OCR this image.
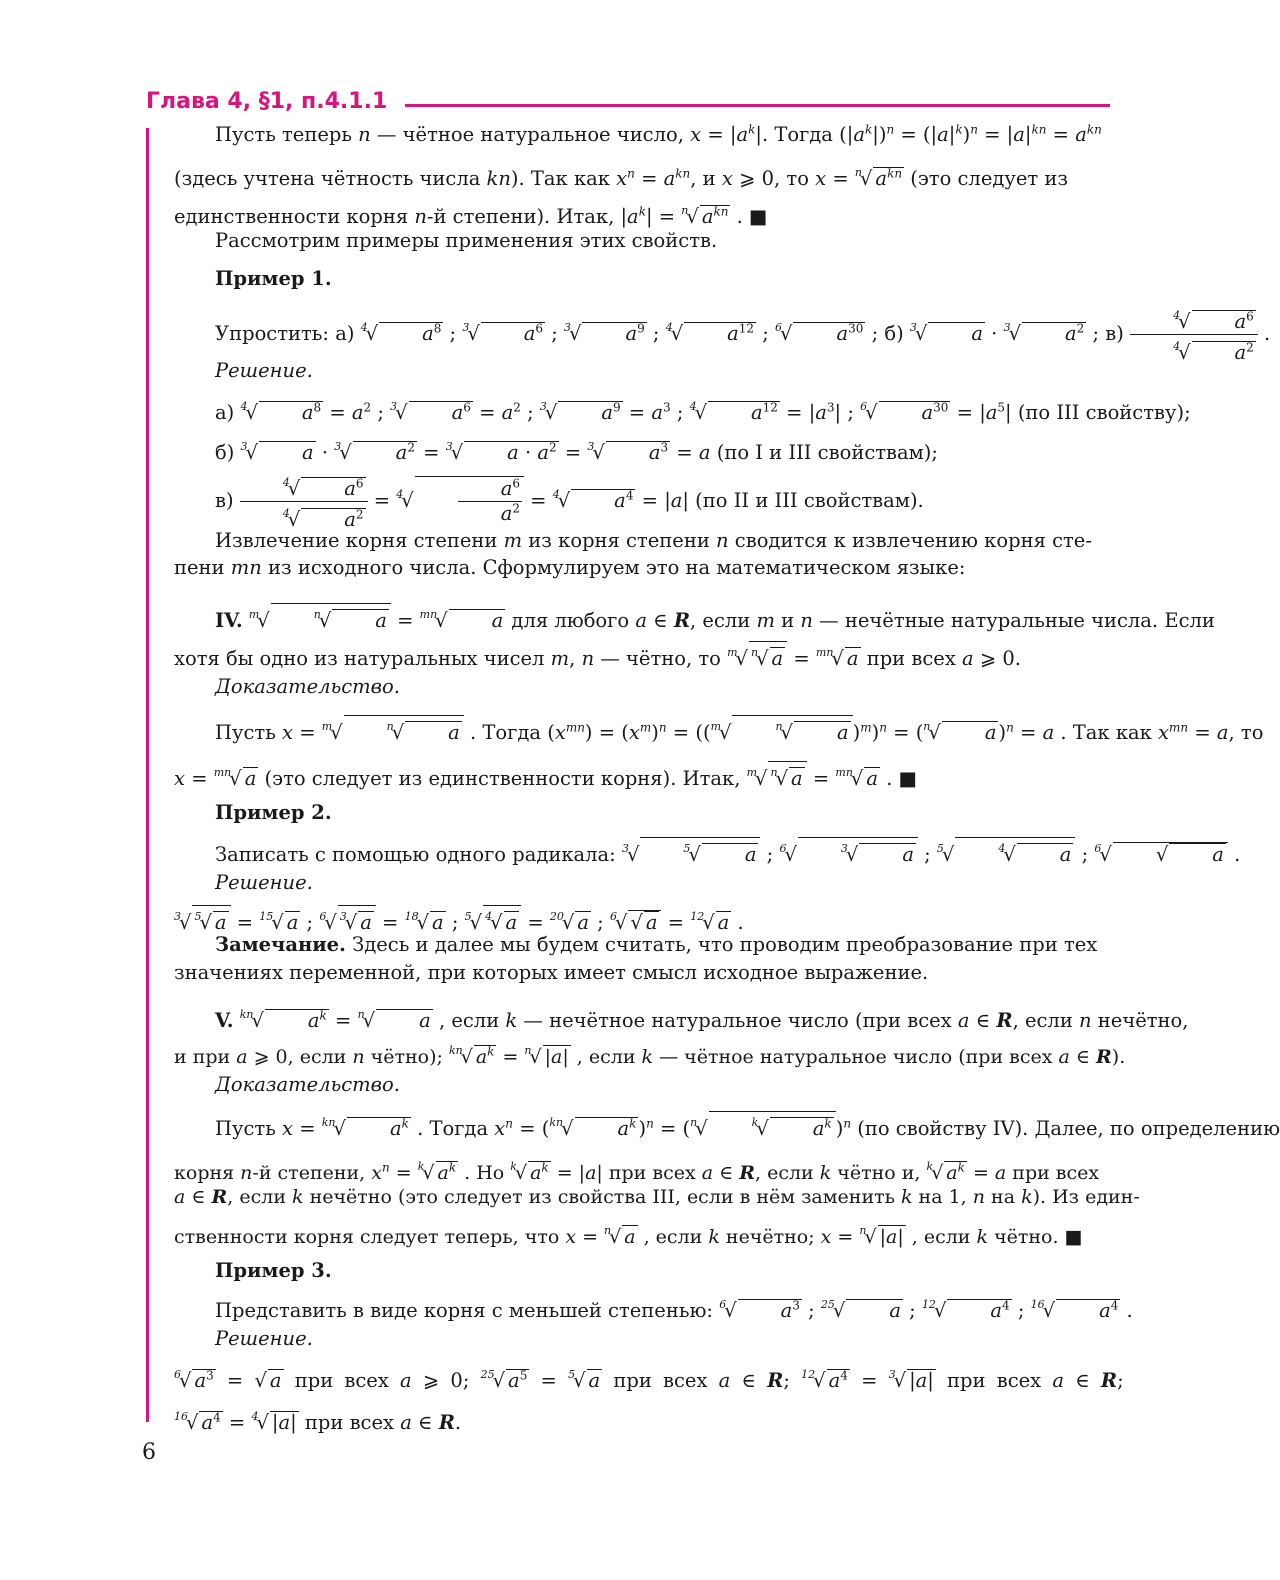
Глава 4, §1, п.4.1.1
Пусть теперь n — чётное натуральное число, $x = |a^k|$. Тогда $(|a^k|)^n = (|a|^k)^n = |a|^{kn} = a^{kn}$
(здесь учтена чётность числа kn). Так как $x^n = a^{kn}$, и x ⩾ 0, то x = $^n$√ $a^{kn}$ (это следует из
единственности корня n-й степени). Итак, $|a^k| = ^n√$ $a^{kn}$ . ■
Рассмотрим примеры применения этих свойств.
Пример 1.
Упростить: а) $^4$√ $a^8$ ; $^3$√ $a^6$ ; $^3$√ $a^9$ ; $^4$√ $a^{12}$ ; $^6$√ $a^{30}$ ; б) $^3$√ a · $^3$√ $a^2$ ; $в) \frac{^4√ a^6}{^4√ a^2}$ .
Решение.
а) $^4$√ $a^8 = a^2$ ; $^3$√ $a^6 = a^2$ ; $^3$√ $a^9 = a^3$ ; $^4$√ $a^{12} = |a^3|$ ; $^6$√ $a^{30} = |a^5|$ (по III свойству);
б) $^3$√ a · $^3$√ $a^2 = ^3√$ $a \cdot a^2 = ^3√$ $a^3 = a$ (по I и III свойствам);
$в) \frac{^4√ a^6}{^4√ a^2} = ^4√ \frac{a^6}{a^2} = ^4√$ $a^4 = |a|$ (по II и III свойствам).
Извлечение корня степени m из корня степени n сводится к извлечению корня сте-
пени mn из исходного числа. Сформулируем это на математическом языке:
IV. $^m$√	$^n$√ a = $^{mn}$√ a для любого a ∈ R, если m и n — нечётные натуральные числа. Если
хотя бы одно из натуральных чисел m, n — чётно, то $^m$√ $^n$√ a = $^{mn}$√ a при всех a ⩾ 0.
Доказательство.
Пусть x = $^m$√	$^n$√ a . Тогда $(x^{mn}) = (x^m)^n = ((^m√$	$^n$√ a )$^m$)$^n$ = ($^n$√ a )$^n$ = a . Так как $x^{mn} = a$, то
x = $^{mn}$√ a (это следует из единственности корня). Итак, $^m$√ $^n$√ a = $^{mn}$√ a . ■
Пример 2.
Записать с помощью одного радикала: $^3$√	$^5$√ a ; $^6$√	$^3$√ a ; $^5$√	$^4$√ a ; $^6$√ √ a .
Решение.
$^3$√ $^5$√ a = $^{15}$√ a ; $^6$√ $^3$√ a = $^{18}$√ a ; $^5$√ $^4$√ a = $^{20}$√ a ; $^6$√ √ a = $^{12}$√ a .
Замечание. Здесь и далее мы будем считать, что проводим преобразование при тех
значениях переменной, при которых имеет смысл исходное выражение.
V. $^{kn}$√ $a^k = ^n√$ a , если k — нечётное натуральное число (при всех a ∈ R, если n нечётно,
и при a ⩾ 0, если n чётно); $^{kn}$√ $a^k = ^n√$ |a| , если k — чётное натуральное число (при всех a ∈ R).
Доказательство.
Пусть x = $^{kn}$√ $a^k$ . Тогда $x^n = (^{kn}√$ $a^k$ )$^n$ = ($^n$√	$^k$√ $a^k$ )$^n$ (по свойству IV). Далее, по определению
корня n-й степени, $x^n = ^k√$ $a^k$ . Но $^k$√ $a^k = |a|$ при всех a ∈ R, если k чётно и, $^k$√ $a^k = a$ при всех
a ∈ R, если k нечётно (это следует из свойства III, если в нём заменить k на 1, n на k). Из един-
ственности корня следует теперь, что x = $^n$√ a , если k нечётно; x = $^n$√ |a| , если k чётно. ■
Пример 3.
Представить в виде корня с меньшей степенью: $^6$√ $a^3$ ; $^{25}$√ a ; $^{12}$√ $a^4$ ; $^{16}$√ $a^4$ .
Решение.
$^6$√ $a^3$ = √ a при всех a ⩾ 0; $^{25}$√ $a^5 = ^5√$ a при всех a ∈ R; $^{12}$√ $a^4 = ^3√$ |a| при всех a ∈ R;
$^{16}$√ $a^4 = ^4√$ |a| при всех a ∈ R.
6
